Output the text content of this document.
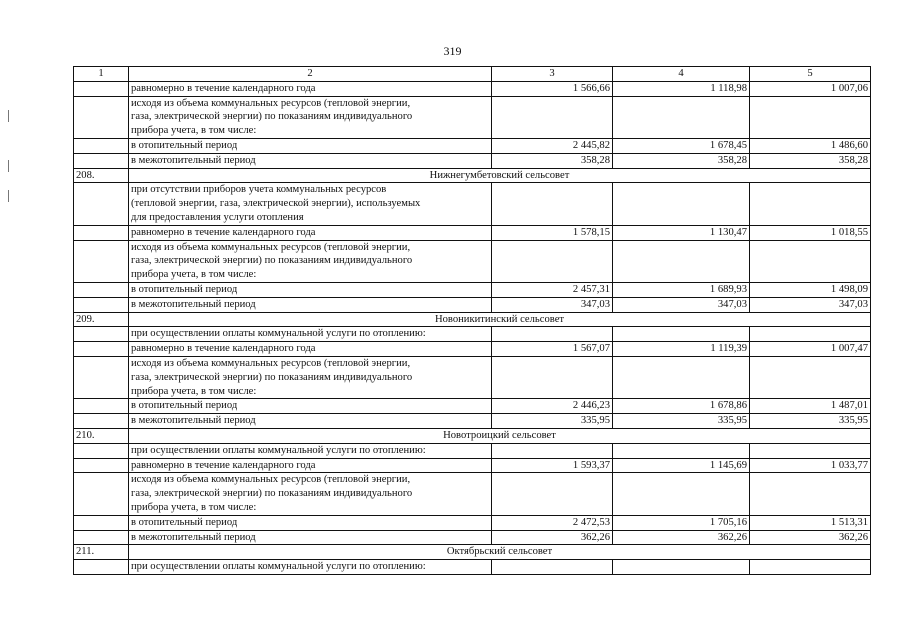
319
1	2	3	4	5
	равномерно в течение календарного года	1 566,66	1 118,98	1 007,06

	исходя из объема коммунальных ресурсов (тепловой энергии,
газа, электрической энергии) по показаниям индивидуального
прибора учета, в том числе:			

	в отопительный период	2 445,82	1 678,45	1 486,60
	в межотопительный период	358,28	358,28	358,28
208.	Нижнегумбетовский сельсовет			

	при отсутствии приборов учета коммунальных ресурсов
(тепловой энергии, газа, электрической энергии), используемых
для предоставления услуги отопления			

	равномерно в течение календарного года	1 578,15	1 130,47	1 018,55

	исходя из объема коммунальных ресурсов (тепловой энергии,
газа, электрической энергии) по показаниям индивидуального
прибора учета, в том числе:			

	в отопительный период	2 457,31	1 689,93	1 498,09
	в межотопительный период	347,03	347,03	347,03
209.	Новоникитинский сельсовет			
	при осуществлении оплаты коммунальной услуги по отоплению:			
	равномерно в течение календарного года	1 567,07	1 119,39	1 007,47

	исходя из объема коммунальных ресурсов (тепловой энергии,
газа, электрической энергии) по показаниям индивидуального
прибора учета, в том числе:			

	в отопительный период	2 446,23	1 678,86	1 487,01
	в межотопительный период	335,95	335,95	335,95
210.	Новотроицкий сельсовет			
	при осуществлении оплаты коммунальной услуги по отоплению:			
	равномерно в течение календарного года	1 593,37	1 145,69	1 033,77

	исходя из объема коммунальных ресурсов (тепловой энергии,
газа, электрической энергии) по показаниям индивидуального
прибора учета, в том числе:			

	в отопительный период	2 472,53	1 705,16	1 513,31
	в межотопительный период	362,26	362,26	362,26
211.	Октябрьский сельсовет			
	при осуществлении оплаты коммунальной услуги по отоплению:			
